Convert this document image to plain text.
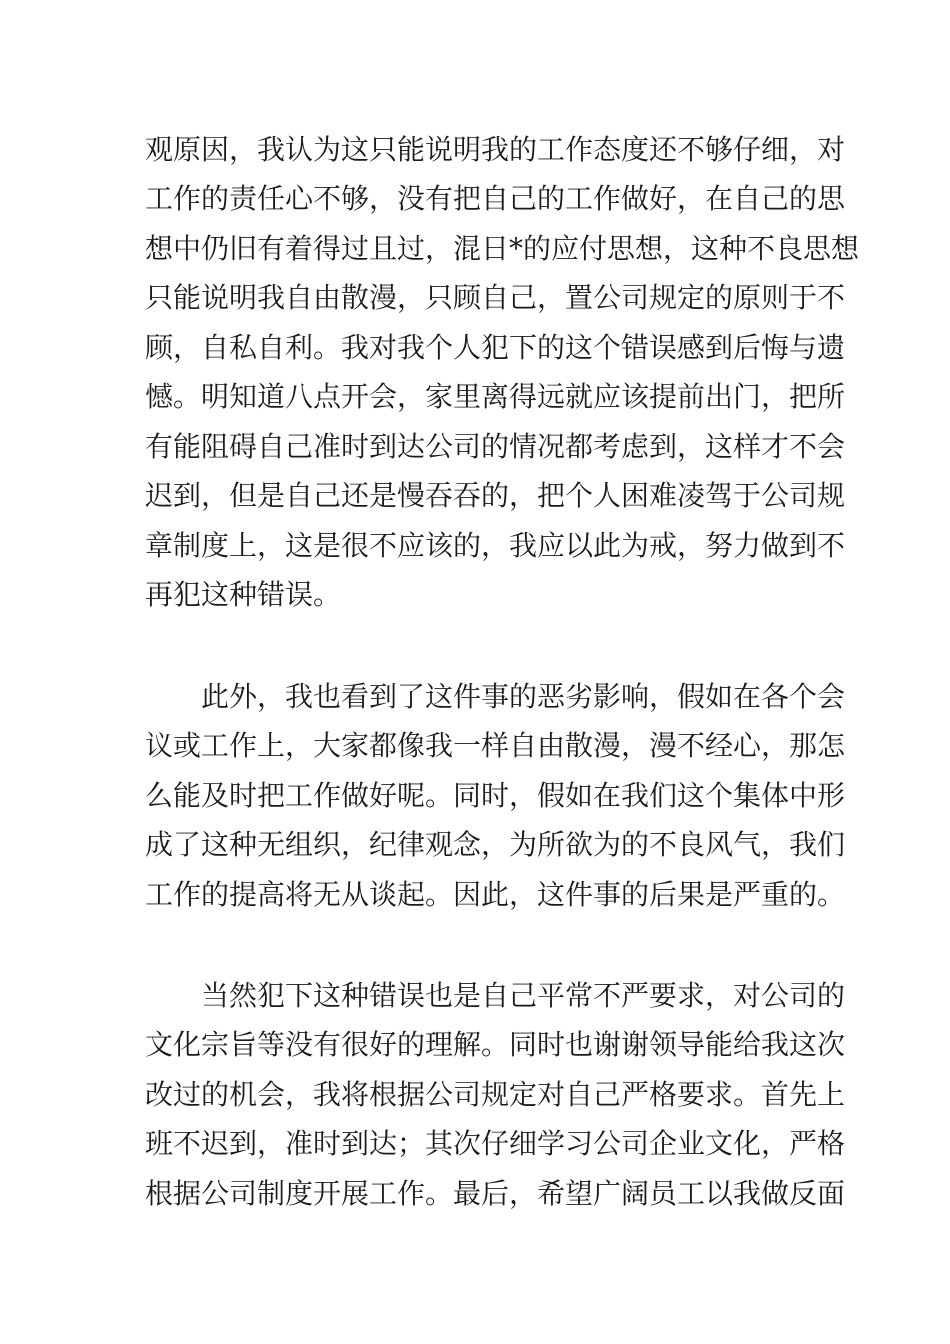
观原因，我认为这只能说明我的工作态度还不够仔细，对
工作的责任心不够，没有把自己的工作做好，在自己的思
想中仍旧有着得过且过，混日*的应付思想，这种不良思想
只能说明我自由散漫，只顾自己，置公司规定的原则于不
顾，自私自利。我对我个人犯下的这个错误感到后悔与遗
憾。明知道八点开会，家里离得远就应该提前出门，把所
有能阻碍自己准时到达公司的情况都考虑到，这样才不会
迟到，但是自己还是慢吞吞的，把个人困难凌驾于公司规
章制度上，这是很不应该的，我应以此为戒，努力做到不
再犯这种错误。
此外，我也看到了这件事的恶劣影响，假如在各个会
议或工作上，大家都像我一样自由散漫，漫不经心，那怎
么能及时把工作做好呢。同时，假如在我们这个集体中形
成了这种无组织，纪律观念，为所欲为的不良风气，我们
工作的提高将无从谈起。因此，这件事的后果是严重的。
当然犯下这种错误也是自己平常不严要求，对公司的
文化宗旨等没有很好的理解。同时也谢谢领导能给我这次
改过的机会，我将根据公司规定对自己严格要求。首先上
班不迟到，准时到达；其次仔细学习公司企业文化，严格
根据公司制度开展工作。最后，希望广阔员工以我做反面
